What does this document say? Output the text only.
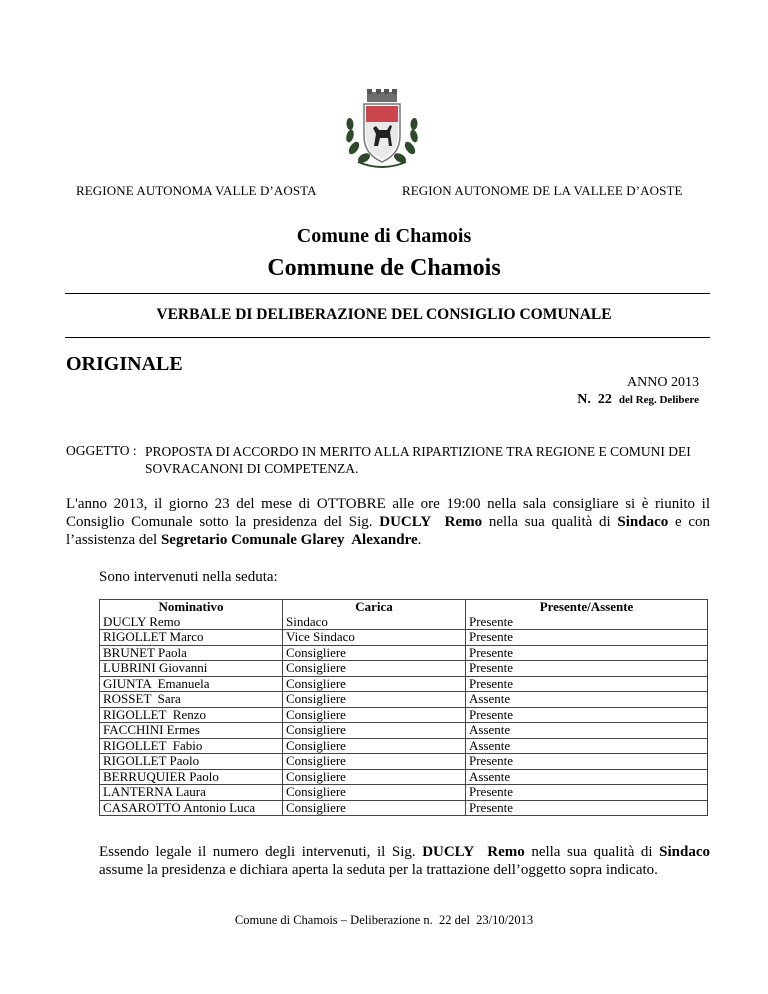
REGIONE AUTONOMA VALLE D’AOSTA	REGION AUTONOME DE LA VALLEE D’AOSTE
Comune di Chamois
Commune de Chamois
VERBALE DI DELIBERAZIONE DEL CONSIGLIO COMUNALE
ORIGINALE
ANNO 2013
N. 22 del Reg. Delibere
OGGETTO : PROPOSTA DI ACCORDO IN MERITO ALLA RIPARTIZIONE TRA REGIONE E COMUNI DEI SOVRACANONI DI COMPETENZA.
L'anno 2013, il giorno 23 del mese di OTTOBRE alle ore 19:00 nella sala consigliare si è riunito il Consiglio Comunale sotto la presidenza del Sig. DUCLY Remo nella sua qualità di Sindaco e con l’assistenza del Segretario Comunale Glarey  Alexandre.
Sono intervenuti nella seduta:
Nominativo	Carica	Presente/Assente
DUCLY Remo	Sindaco	Presente
RIGOLLET Marco	Vice Sindaco	Presente
BRUNET Paola	Consigliere	Presente
LUBRINI Giovanni	Consigliere	Presente
GIUNTA  Emanuela	Consigliere	Presente
ROSSET  Sara	Consigliere	Assente
RIGOLLET  Renzo	Consigliere	Presente
FACCHINI Ermes	Consigliere	Assente
RIGOLLET  Fabio	Consigliere	Assente
RIGOLLET Paolo	Consigliere	Presente
BERRUQUIER Paolo	Consigliere	Assente
LANTERNA Laura	Consigliere	Presente
CASAROTTO Antonio Luca	Consigliere	Presente
Essendo legale il numero degli intervenuti, il Sig. DUCLY Remo nella sua qualità di Sindaco assume la presidenza e dichiara aperta la seduta per la trattazione dell’oggetto sopra indicato.
Comune di Chamois – Deliberazione n.  22 del  23/10/2013
